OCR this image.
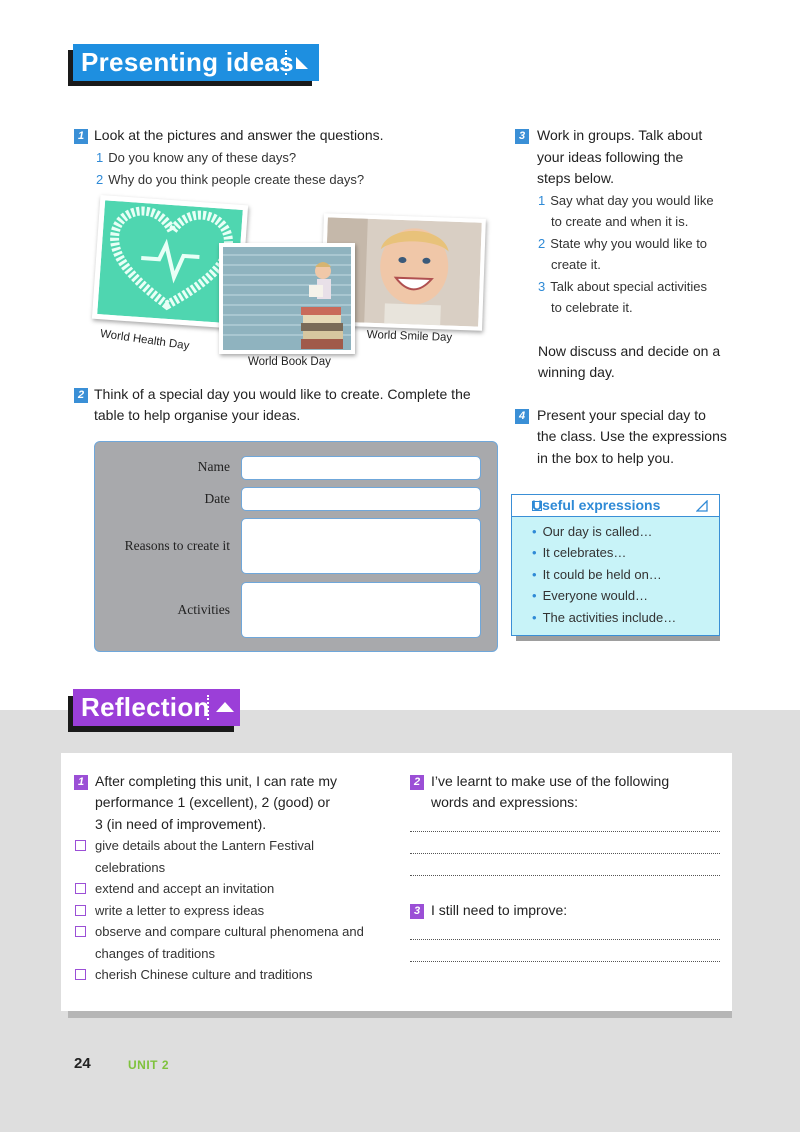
Presenting ideas
1 Look at the pictures and answer the questions.
1 Do you know any of these days?
2 Why do you think people create these days?
World Health Day
World Book Day
World Smile Day
2 Think of a special day you would like to create. Complete the
table to help organise your ideas.
Name
Date
Reasons to create it
Activities
3 Work in groups. Talk about
your ideas following the
steps below.
1 Say what day you would like
to create and when it is.
2 State why you would like to
create it.
3 Talk about special activities
to celebrate it.
Now discuss and decide on a
winning day.
4 Present your special day to
the class. Use the expressions
in the box to help you.
Useful expressions
• Our day is called…
• It celebrates…
• It could be held on…
• Everyone would…
• The activities include…
Reflection
1 After completing this unit, I can rate my
performance 1 (excellent), 2 (good) or
3 (in need of improvement).
give details about the Lantern Festival
celebrations
extend and accept an invitation
write a letter to express ideas
observe and compare cultural phenomena and
changes of traditions
cherish Chinese culture and traditions
2 I’ve learnt to make use of the following
words and expressions:
3 I still need to improve:
24	UNIT 2
